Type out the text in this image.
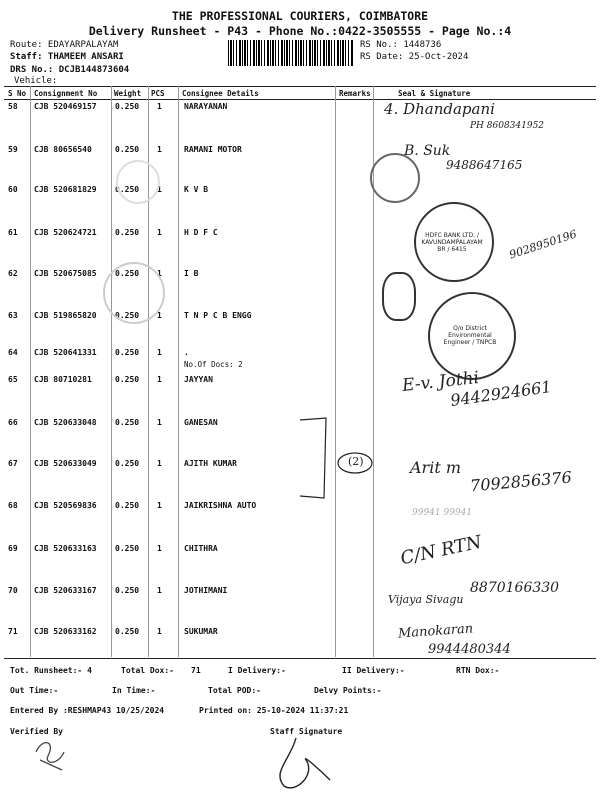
THE PROFESSIONAL COURIERS, COIMBATORE
Delivery Runsheet - P43 - Phone No.:0422-3505555 - Page No.:4
Route: EDAYARPALAYAM
Staff: THAMEEM ANSARI
DRS No.: DCJB144873604
Vehicle:
RS No.: 1448736
RS Date: 25-Oct-2024
S No Consignment No Weight PCS Consignee Details	Remarks	Seal & Signature
58 CJB 520469157 0.250 1	NARAYANAN
59 CJB 80656540	0.250 1	RAMANI MOTOR
60 CJB 520681829 0.250 1	K V B
61 CJB 520624721 0.250 1	H D F C
62 CJB 520675085 0.250 1	I B
63 CJB 519865820 0.250 1	T N P C B ENGG
64 CJB 520641331 0.250 1	.
No.Of Docs: 2
65 CJB 80710281	0.250 1	JAYYAN
66 CJB 520633048 0.250 1	GANESAN
67 CJB 520633049 0.250 1	AJITH KUMAR
68 CJB 520569836 0.250 1	JAIKRISHNA AUTO
69 CJB 520633163 0.250 1	CHITHRA
70 CJB 520633167 0.250 1	JOTHIMANI
71 CJB 520633162 0.250 1	SUKUMAR
(2)
4. Dhandapani
PH 8608341952
B. Suk
9488647165
HDFC BANK LTD. / KAVUNDAMPALAYAM BR / 6415	9028950196
O/o District Environmental Engineer / TNPCB
E-v. Jothi
9442924661
Arit m
7092856376
99941 99941
C/N RTN
8870166330
Vijaya Sivagu
Manokaran
9944480344
Tot. Runsheet:- 4	Total Dox:- 71	I Delivery:-	II Delivery:-	RTN Dox:-
Out Time:-	In Time:-	Total POD:-	Delvy Points:-
Entered By :RESHMAP43 10/25/2024	Printed on: 25-10-2024 11:37:21
Verified By	Staff Signature
